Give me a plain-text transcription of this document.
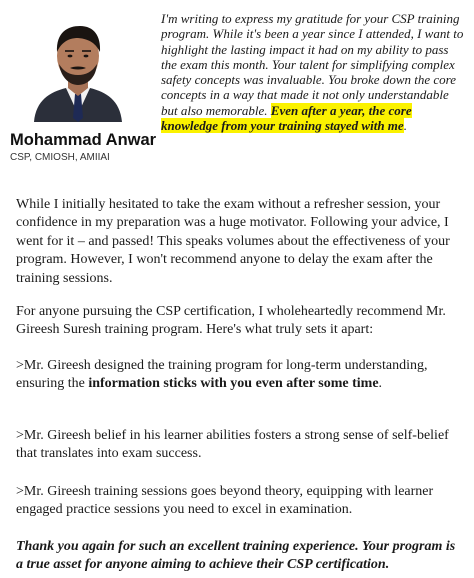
Mohammad Anwar
CSP, CMIOSH, AMIIAI

I'm writing to express my gratitude for your CSP training program. While it's been a year since I attended, I want to highlight the lasting impact it had on my ability to pass the exam this month. Your talent for simplifying complex safety concepts was invaluable. You broke down the core concepts in a way that made it not only understandable but also memorable. Even after a year, the core knowledge from your training stayed with me.

While I initially hesitated to take the exam without a refresher session, your confidence in my preparation was a huge motivator. Following your advice, I went for it – and passed! This speaks volumes about the effectiveness of your program. However, I won't recommend anyone to delay the exam after the training sessions.

For anyone pursuing the CSP certification, I wholeheartedly recommend Mr. Gireesh Suresh training program. Here's what truly sets it apart:

>Mr. Gireesh designed the training program for long-term understanding, ensuring the information sticks with you even after some time.

>Mr. Gireesh belief in his learner abilities fosters a strong sense of self-belief that translates into exam success.

>Mr. Gireesh training sessions goes beyond theory, equipping with learner engaged practice sessions you need to excel in examination.

Thank you again for such an excellent training experience. Your program is a true asset for anyone aiming to achieve their CSP certification.
